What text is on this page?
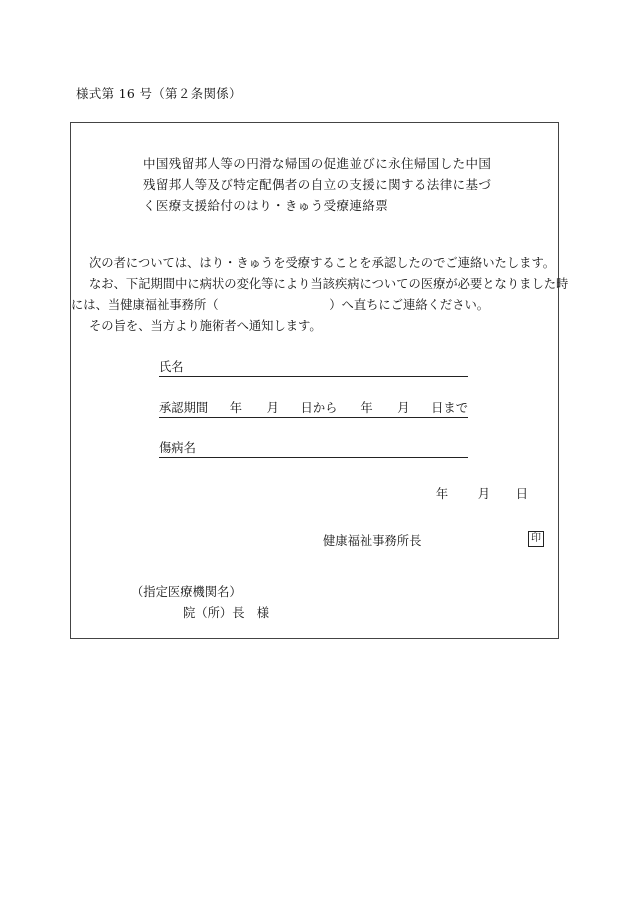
様式第 16 号（第２条関係）
中国残留邦人等の円滑な帰国の促進並びに永住帰国した中国
残留邦人等及び特定配偶者の自立の支援に関する法律に基づ
く医療支援給付のはり・きゅう受療連絡票
次の者については、はり・きゅうを受療することを承認したのでご連絡いたします。
なお、下記期間中に病状の変化等により当該疾病についての医療が必要となりました時
には、当健康福祉事務所（　　　　　　　　　）へ直ちにご連絡ください。
その旨を、当方より施術者へ通知します。
氏名
承認期間	年	月	日から	年	月	日まで
傷病名
年 月 日
健康福祉事務所長	印
（指定医療機関名）
院（所）長　様
